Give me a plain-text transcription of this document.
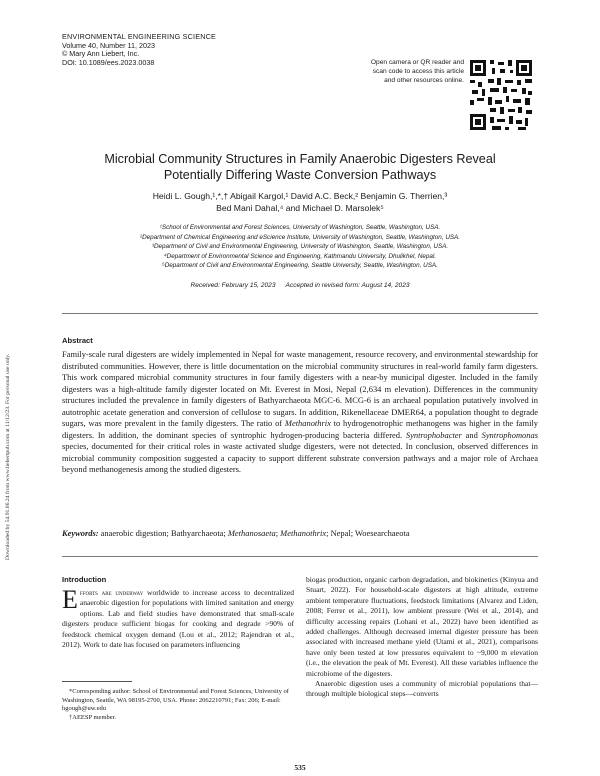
ENVIRONMENTAL ENGINEERING SCIENCE
Volume 40, Number 11, 2023
© Mary Ann Liebert, Inc.
DOI: 10.1089/ees.2023.0038	Open camera or QR reader and
scan code to access this article
and other resources online.
Microbial Community Structures in Family Anaerobic Digesters Reveal
Potentially Differing Waste Conversion Pathways
Heidi L. Gough,¹,*,† Abigail Kargol,¹ David A.C. Beck,² Benjamin G. Therrien,³
Bed Mani Dahal,⁴ and Michael D. Marsolek⁵
¹School of Environmental and Forest Sciences, University of Washington, Seattle, Washington, USA.
²Department of Chemical Engineering and eScience Institute, University of Washington, Seattle, Washington, USA.
³Department of Civil and Environmental Engineering, University of Washington, Seattle, Washington, USA.
⁴Department of Environmental Science and Engineering, Kathmandu University, Dhulikhel, Nepal.
⁵Department of Civil and Environmental Engineering, Seattle University, Seattle, Washington, USA.
Received: February 15, 2023 Accepted in revised form: August 14, 2023
Downloaded by 54.91.66.24 from www.liebertpub.com at 11/12/23. For personal use only.
Abstract
Family-scale rural digesters are widely implemented in Nepal for waste management, resource recovery, and environmental stewardship for distributed communities. However, there is little documentation on the microbial community structures in real-world family farm digesters. This work compared microbial community structures in four family digesters with a near-by municipal digester. Included in the family digesters was a high-altitude family digester located on Mt. Everest in Mosi, Nepal (2,634 m elevation). Differences in the community structures included the prevalence in family digesters of Bathyarchaeota MGC-6. MCG-6 is an archaeal population putatively involved in autotrophic acetate generation and conversion of cellulose to sugars. In addition, Rikenellaceae DMER64, a population thought to degrade sugars, was more prevalent in the family digesters. The ratio of Methanothrix to hydrogenotrophic methanogens was higher in the family digesters. In addition, the dominant species of syntrophic hydrogen-producing bacteria differed. Syntrophobacter and Syntrophomonas species, documented for their critical roles in waste activated sludge digesters, were not detected. In conclusion, observed differences in microbial community composition suggested a capacity to support different substrate conversion pathways and a major role of Archaea beyond methanogenesis among the studied digesters.
Keywords: anaerobic digestion; Bathyarchaeota; Methanosaeta; Methanothrix; Nepal; Woesearchaeota
Introduction
Efforts are underway worldwide to increase access to decentralized anaerobic digestion for populations with limited sanitation and energy options. Lab and field studies have demonstrated that small-scale digesters produce sufficient biogas for cooking and degrade >90% of feedstock chemical oxygen demand (Lou et al., 2012; Rajendran et al., 2012). Work to date has focused on parameters influencing

biogas production, organic carbon degradation, and biokinetics (Kinyua and Stuart, 2022). For household-scale digesters at high altitude, extreme ambient temperature fluctuations, feedstock limitations (Alvarez and Liden, 2008; Ferrer et al., 2011), low ambient pressure (Wei et al., 2014), and difficulty accessing repairs (Lohani et al., 2022) have been identified as added challenges. Although decreased internal digester pressure has been associated with increased methane yield (Utami et al., 2021), comparisons have only been tested at low pressures equivalent to ~9,000 m elevation (i.e., the elevation the peak of Mt. Everest). All these variables influence the microbiome of the digesters.

Anaerobic digestion uses a community of microbial populations that—through multiple biological steps—converts

*Corresponding author: School of Environmental and Forest Sciences, University of Washington, Seattle, WA 98195-2700, USA. Phone: 2062210791; Fax: 206; E-mail: hgough@uw.edu
†AEESP member.
535
